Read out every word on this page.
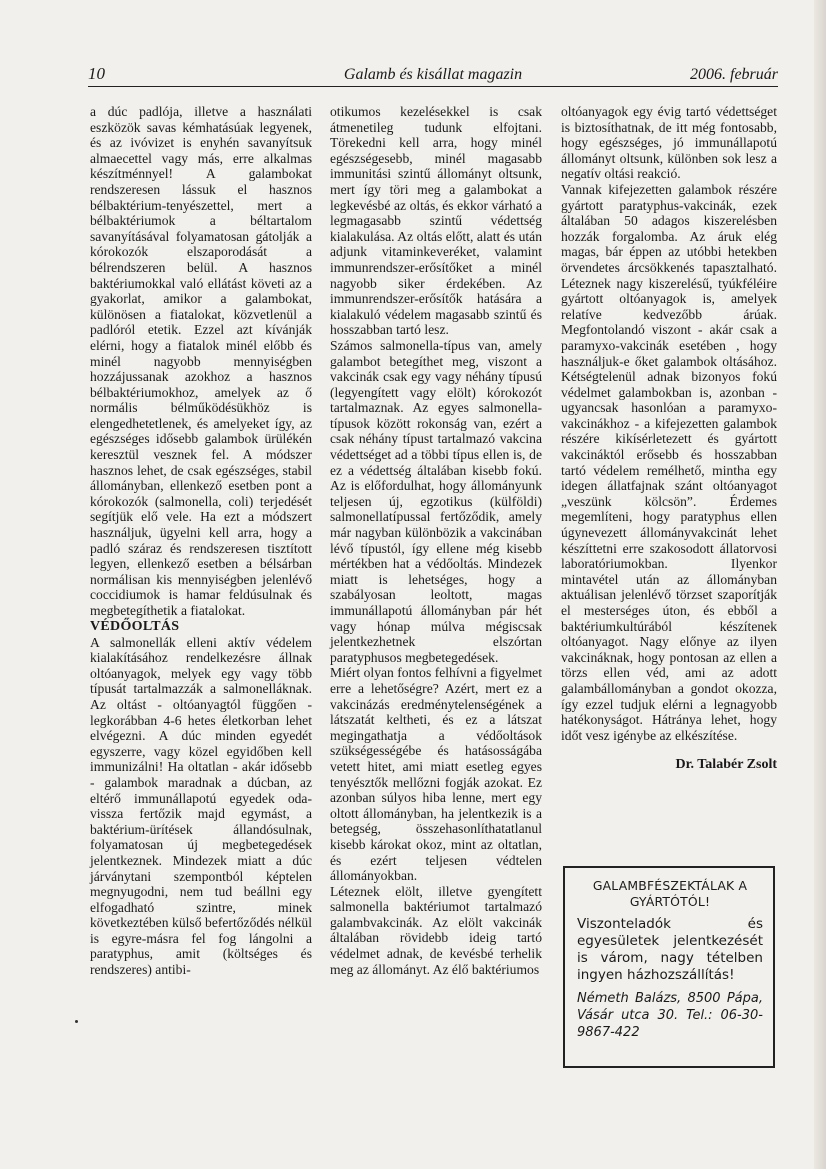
10	Galamb és kisállat magazin	2006. február

a dúc padlója, illetve a használati eszközök savas kémhatásúak legyenek, és az ivóvizet is enyhén savanyítsuk almaecettel vagy más, erre alkalmas készítménnyel! A galambokat rendszeresen lássuk el hasznos bélbaktérium-tenyészettel, mert a bélbaktériumok a béltartalom savanyításával folyamatosan gátolják a kórokozók elszaporodását a bélrendszeren belül. A hasznos baktériumokkal való ellátást követi az a gyakorlat, amikor a galambokat, különösen a fiatalokat, közvetlenül a padlóról etetik. Ezzel azt kívánják elérni, hogy a fiatalok minél előbb és minél nagyobb mennyiségben hozzájussanak azokhoz a hasznos bélbaktériumokhoz, amelyek az ő normális bélműködésükhöz is elengedhetetlenek, és amelyeket így, az egészséges idősebb galambok ürülékén keresztül vesznek fel. A módszer hasznos lehet, de csak egészséges, stabil állományban, ellenkező esetben pont a kórokozók (salmonella, coli) terjedését segítjük elő vele. Ha ezt a módszert használjuk, ügyelni kell arra, hogy a padló száraz és rendszeresen tisztított legyen, ellenkező esetben a bélsárban normálisan kis mennyiségben jelenlévő coccidiumok is hamar feldúsulnak és megbetegíthetik a fiatalokat.

VÉDŐOLTÁS

A salmonellák elleni aktív védelem kialakításához rendelkezésre állnak oltóanyagok, melyek egy vagy több típusát tartalmazzák a salmonelláknak. Az oltást - oltóanyagtól függően - legkorábban 4-6 hetes életkorban lehet elvégezni. A dúc minden egyedét egyszerre, vagy közel egyidőben kell immunizálni! Ha oltatlan - akár idősebb - galambok maradnak a dúcban, az eltérő immunállapotú egyedek oda-vissza fertőzik majd egymást, a baktérium-ürítések állandósulnak, folyamatosan új megbetegedések jelentkeznek. Mindezek miatt a dúc járványtani szempontból képtelen megnyugodni, nem tud beállni egy elfogadható szintre, minek következtében külső befertőződés nélkül is egyre-másra fel fog lángolni a paratyphus, amit (költséges és rendszeres) antibi-

otikumos kezelésekkel is csak átmenetileg tudunk elfojtani. Törekedni kell arra, hogy minél egészségesebb, minél magasabb immunitási szintű állományt oltsunk, mert így töri meg a galambokat a legkevésbé az oltás, és ekkor várható a legmagasabb szintű védettség kialakulása. Az oltás előtt, alatt és után adjunk vitaminkeveréket, valamint immunrendszer-erősítőket a minél nagyobb siker érdekében. Az immunrendszer-erősítők hatására a kialakuló védelem magasabb szintű és hosszabban tartó lesz.

Számos salmonella-típus van, amely galambot betegíthet meg, viszont a vakcinák csak egy vagy néhány típusú (legyengített vagy elölt) kórokozót tartalmaznak. Az egyes salmonella-típusok között rokonság van, ezért a csak néhány típust tartalmazó vakcina védettséget ad a többi típus ellen is, de ez a védettség általában kisebb fokú. Az is előfordulhat, hogy állományunk teljesen új, egzotikus (külföldi) salmonellatípussal fertőződik, amely már nagyban különbözik a vakcinában lévő típustól, így ellene még kisebb mértékben hat a védőoltás. Mindezek miatt is lehetséges, hogy a szabályosan leoltott, magas immunállapotú állományban pár hét vagy hónap múlva mégiscsak jelentkezhetnek elszórtan paratyphusos megbetegedések.

Miért olyan fontos felhívni a figyelmet erre a lehetőségre? Azért, mert ez a vakcinázás eredménytelenségének a látszatát keltheti, és ez a látszat megingathatja a védőoltások szükségességébe és hatásosságába vetett hitet, ami miatt esetleg egyes tenyésztők mellőzni fogják azokat. Ez azonban súlyos hiba lenne, mert egy oltott állományban, ha jelentkezik is a betegség, összehasonlíthatatlanul kisebb károkat okoz, mint az oltatlan, és ezért teljesen védtelen állományokban.

Léteznek elölt, illetve gyengített salmonella baktériumot tartalmazó galambvakcinák. Az elölt vakcinák általában rövidebb ideig tartó védelmet adnak, de kevésbé terhelik meg az állományt. Az élő baktériumos

oltóanyagok egy évig tartó védettséget is biztosíthatnak, de itt még fontosabb, hogy egészséges, jó immunállapotú állományt oltsunk, különben sok lesz a negatív oltási reakció.

Vannak kifejezetten galambok részére gyártott paratyphus-vakcinák, ezek általában 50 adagos kiszerelésben hozzák forgalomba. Az áruk elég magas, bár éppen az utóbbi hetekben örvendetes árcsökkenés tapasztalható. Léteznek nagy kiszerelésű, tyúkféléire gyártott oltóanyagok is, amelyek relatíve kedvezőbb árúak. Megfontolandó viszont - akár csak a paramyxo-vakcinák esetében , hogy használjuk-e őket galambok oltásához. Kétségtelenül adnak bizonyos fokú védelmet galambokban is, azonban - ugyancsak hasonlóan a paramyxo-vakcinákhoz - a kifejezetten galambok részére kikísérletezett és gyártott vakcináktól erősebb és hosszabban tartó védelem remélhető, mintha egy idegen állatfajnak szánt oltóanyagot „veszünk kölcsön”. Érdemes megemlíteni, hogy paratyphus ellen úgynevezett állományvakcinát lehet készíttetni erre szakosodott állatorvosi laboratóriumokban. Ilyenkor mintavétel után az állományban aktuálisan jelenlévő törzset szaporítják el mesterséges úton, és ebből a baktériumkultúrából készítenek oltóanyagot. Nagy előnye az ilyen vakcináknak, hogy pontosan az ellen a törzs ellen véd, ami az adott galambállományban a gondot okozza, így ezzel tudjuk elérni a legnagyobb hatékonyságot. Hátránya lehet, hogy időt vesz igénybe az elkészítése.

Dr. Talabér Zsolt
GALAMBFÉSZEKTÁLAK A
GYÁRTÓTÓL!
Viszonteladók és egyesületek jelentkezését is várom, nagy tételben ingyen házhozszállítás!
Németh Balázs, 8500 Pápa, Vásár utca 30. Tel.: 06-30-9867-422
